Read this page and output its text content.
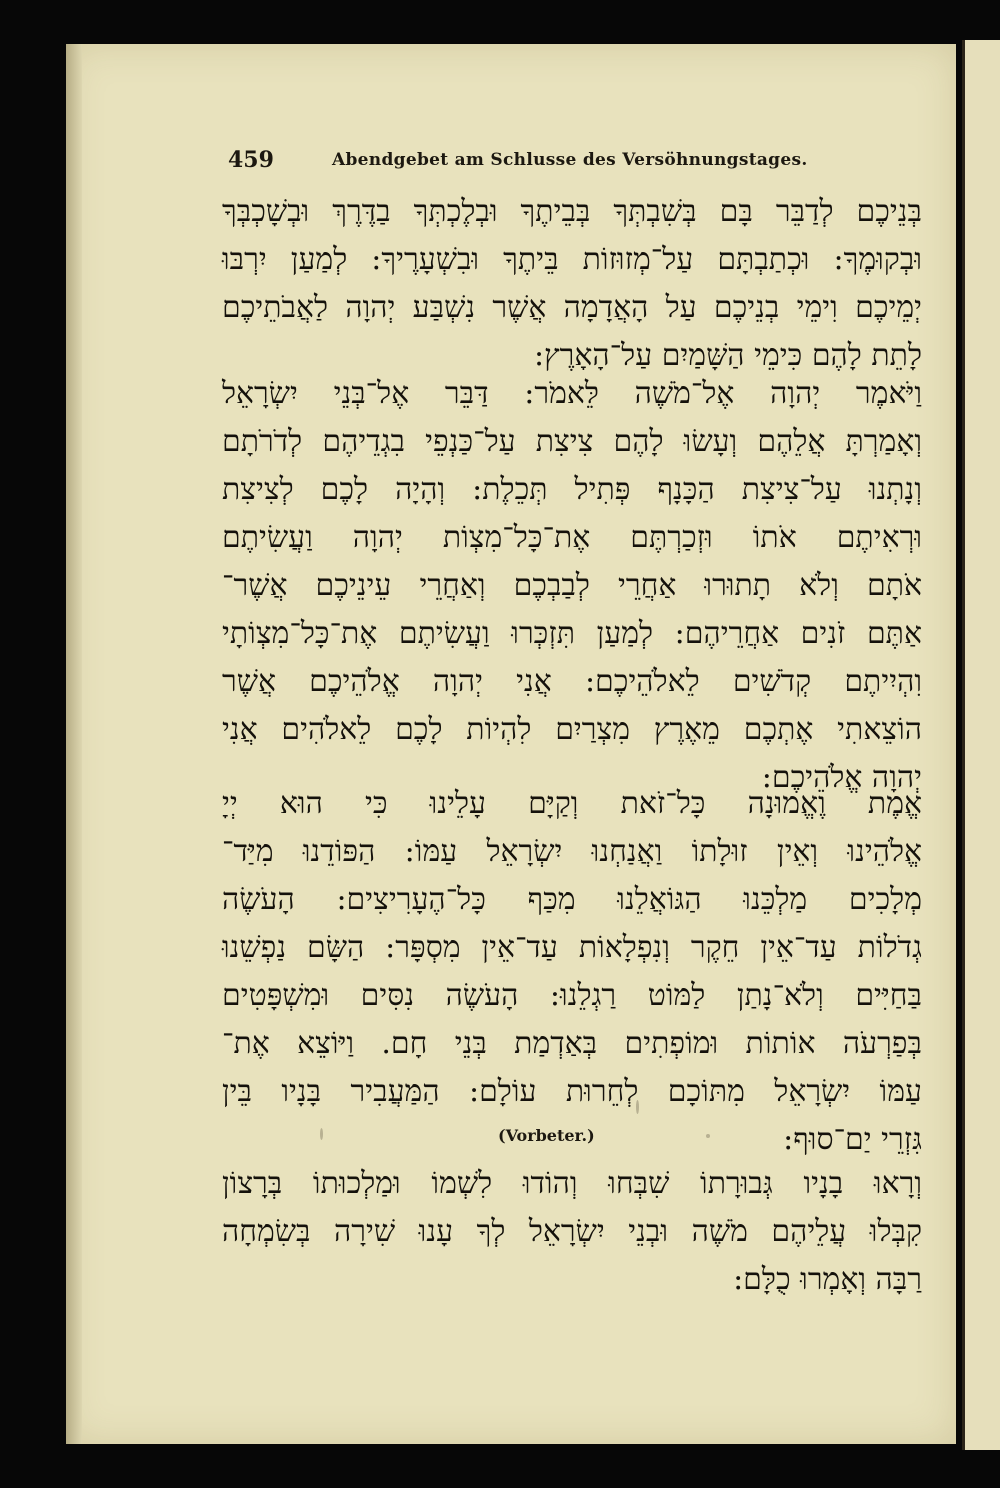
459	Abendgebet am Schlusse des Versöhnungstages.
בְּנֵיכֶם לְדַבֵּר בָּם בְּשִׁבְתְּךָ בְּבֵיתֶךָ וּבְלֶכְתְּךָ בַדֶּרֶךְ וּבְשָׁכְבְּךָ
וּבְקוּמֶךָ: וּכְתַבְתָּם עַל־מְזוּזוֹת בֵּיתֶךָ וּבִשְׁעָרֶיךָ: לְמַעַן יִרְבּוּ
יְמֵיכֶם וִימֵי בְנֵיכֶם עַל הָאֲדָמָה אֲשֶׁר נִשְׁבַּע יְהוָה לַאֲבֹתֵיכֶם
לָתֵת לָהֶם כִּימֵי הַשָּׁמַיִם עַל־הָאָרֶץ:
וַיֹּאמֶר יְהוָה אֶל־מֹשֶׁה לֵּאמֹר: דַּבֵּר אֶל־בְּנֵי יִשְׂרָאֵל
וְאָמַרְתָּ אֲלֵהֶם וְעָשׂוּ לָהֶם צִיצִת עַל־כַּנְפֵי בִגְדֵיהֶם לְדֹרֹתָם
וְנָתְנוּ עַל־צִיצִת הַכָּנָף פְּתִיל תְּכֵלֶת: וְהָיָה לָכֶם לְצִיצִת
וּרְאִיתֶם אֹתוֹ וּזְכַרְתֶּם אֶת־כָּל־מִצְוֹת יְהוָה וַעֲשִׂיתֶם
אֹתָם וְלֹא תָתוּרוּ אַחֲרֵי לְבַבְכֶם וְאַחֲרֵי עֵינֵיכֶם אֲשֶׁר־
אַתֶּם זֹנִים אַחֲרֵיהֶם: לְמַעַן תִּזְכְּרוּ וַעֲשִׂיתֶם אֶת־כָּל־מִצְוֹתָי
וִהְיִיתֶם קְדֹשִׁים לֵאלֹהֵיכֶם: אֲנִי יְהוָה אֱלֹהֵיכֶם אֲשֶׁר
הוֹצֵאתִי אֶתְכֶם מֵאֶרֶץ מִצְרַיִם לִהְיוֹת לָכֶם לֵאלֹהִים אֲנִי
יְהוָה אֱלֹהֵיכֶם:
אֱמֶת וֶאֱמוּנָה כָּל־זֹאת וְקַיָּם עָלֵינוּ כִּי הוּא יְיָ
אֱלֹהֵינוּ וְאֵין זוּלָתוֹ וַאֲנַחְנוּ יִשְׂרָאֵל עַמּוֹ: הַפּוֹדֵנוּ מִיַּד־
מְלָכִים מַלְכֵּנוּ הַגּוֹאֲלֵנוּ מִכַּף כָּל־הֶעָרִיצִים: הָעֹשֶׂה
גְדֹלוֹת עַד־אֵין חֵקֶר וְנִפְלָאוֹת עַד־אֵין מִסְפָּר: הַשָּׂם נַפְשֵׁנוּ
בַּחַיִּים וְלֹא־נָתַן לַמּוֹט רַגְלֵנוּ: הָעֹשֶׂה נִסִּים וּמִשְׁפָּטִים
בְּפַרְעֹה אוֹתוֹת וּמוֹפְתִים בְּאַדְמַת בְּנֵי חָם. וַיּוֹצֵא אֶת־
עַמּוֹ יִשְׂרָאֵל מִתּוֹכָם לְחֵרוּת עוֹלָם: הַמַּעֲבִיר בָּנָיו בֵּין
גִּזְרֵי יַם־סוּף:
(Vorbeter.)
וְרָאוּ בָנָיו גְּבוּרָתוֹ שִׁבְּחוּ וְהוֹדוּ לִשְׁמוֹ וּמַלְכוּתוֹ בְּרָצוֹן
קִבְּלוּ עֲלֵיהֶם מֹשֶׁה וּבְנֵי יִשְׂרָאֵל לְךָ עָנוּ שִׁירָה בְּשִׂמְחָה
רַבָּה וְאָמְרוּ כֻלָּם:
